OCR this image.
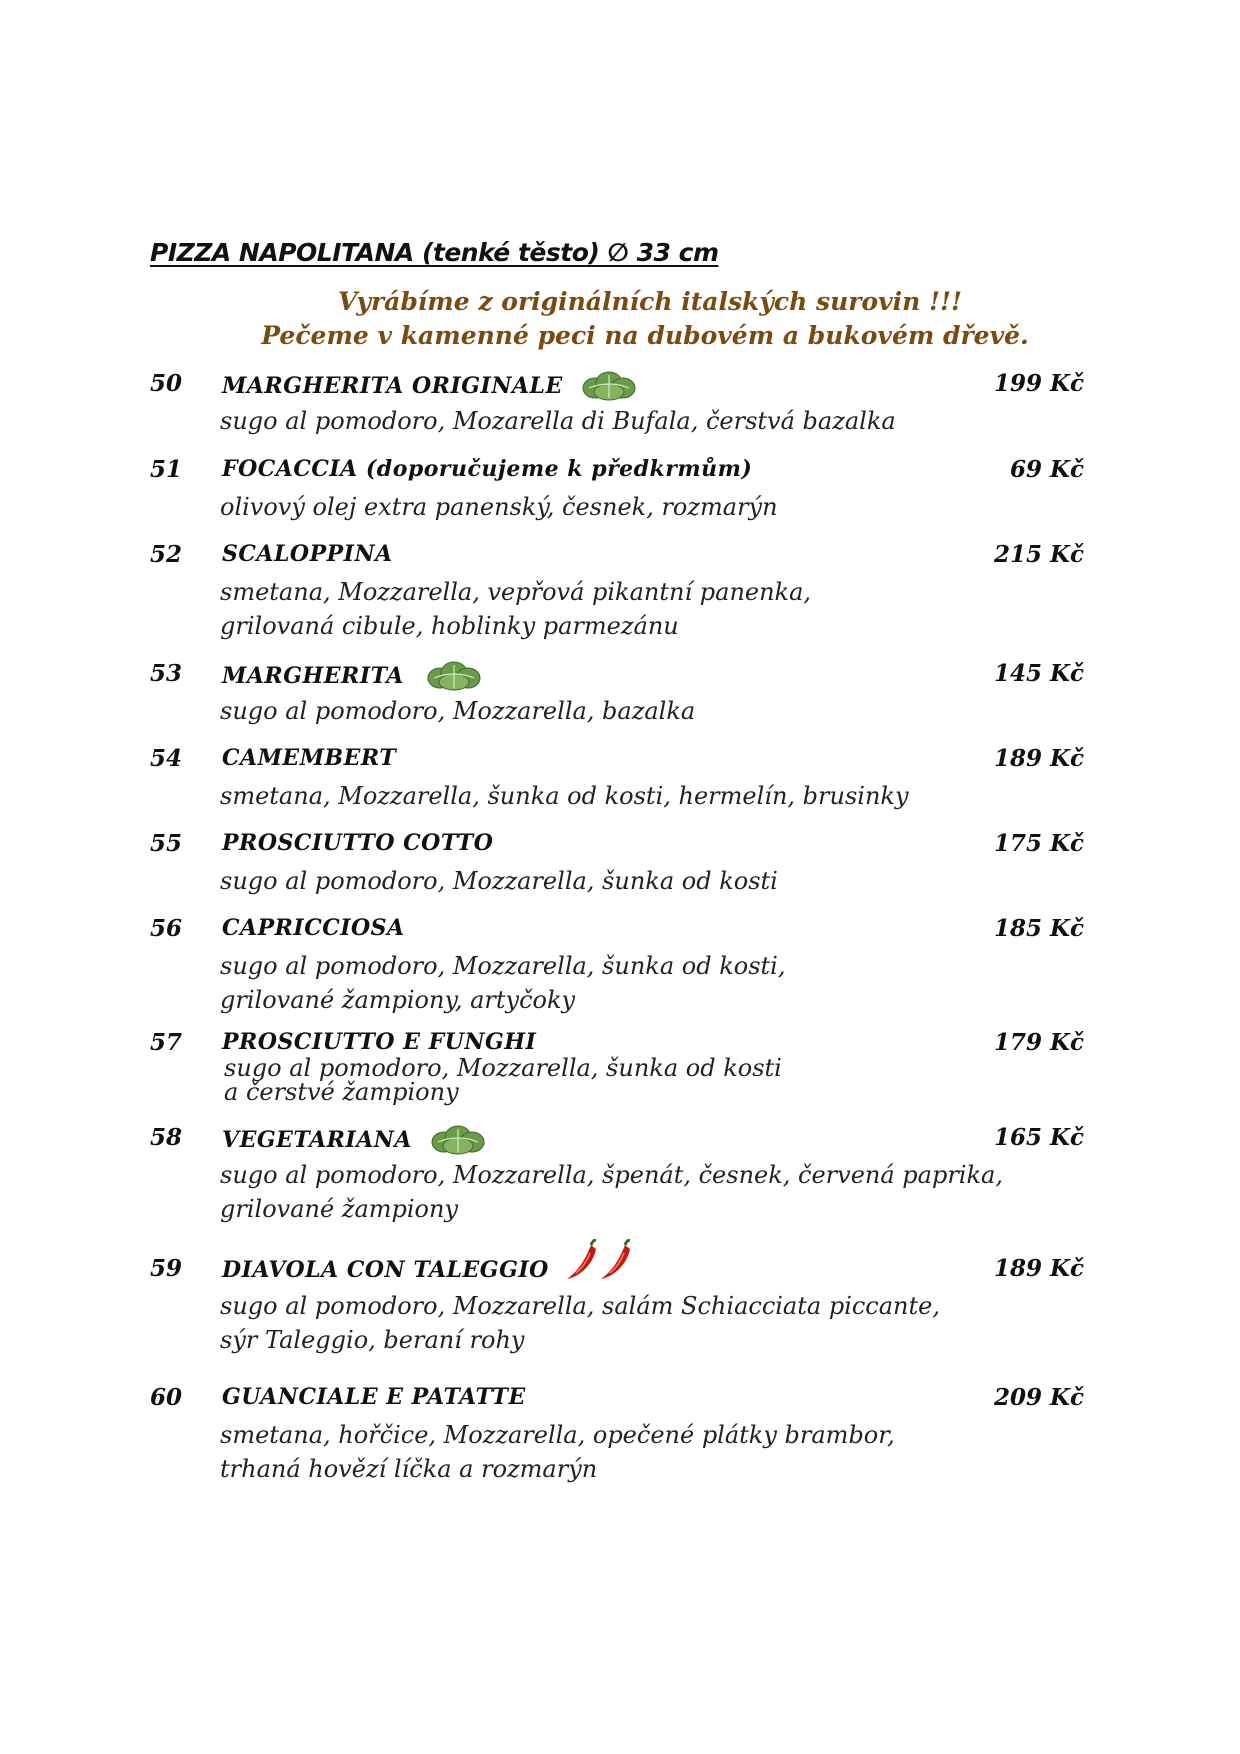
PIZZA NAPOLITANA (tenké těsto) ∅ 33 cm
Vyrábíme z originálních italských surovin !!!
Pečeme v kamenné peci na dubovém a bukovém dřevě.
50 MARGHERITA ORIGINALE	199 Kč
sugo al pomodoro, Mozarella di Bufala, čerstvá bazalka
51 FOCACCIA (doporučujeme k předkrmům)	69 Kč
olivový olej extra panenský, česnek, rozmarýn
52 SCALOPPINA	215 Kč
smetana, Mozzarella, vepřová pikantní panenka,
grilovaná cibule, hoblinky parmezánu
53 MARGHERITA	145 Kč
sugo al pomodoro, Mozzarella, bazalka
54 CAMEMBERT	189 Kč
smetana, Mozzarella, šunka od kosti, hermelín, brusinky
55 PROSCIUTTO COTTO	175 Kč
sugo al pomodoro, Mozzarella, šunka od kosti
56 CAPRICCIOSA	185 Kč
sugo al pomodoro, Mozzarella, šunka od kosti,
grilované žampiony, artyčoky
57 PROSCIUTTO E FUNGHI	179 Kč
sugo al pomodoro, Mozzarella, šunka od kosti
a čerstvé žampiony
58 VEGETARIANA	165 Kč
sugo al pomodoro, Mozzarella, špenát, česnek, červená paprika,
grilované žampiony
59 DIAVOLA CON TALEGGIO	189 Kč
sugo al pomodoro, Mozzarella, salám Schiacciata piccante,
sýr Taleggio, beraní rohy
60 GUANCIALE E PATATTE	209 Kč
smetana, hořčice, Mozzarella, opečené plátky brambor,
trhaná hovězí líčka a rozmarýn
